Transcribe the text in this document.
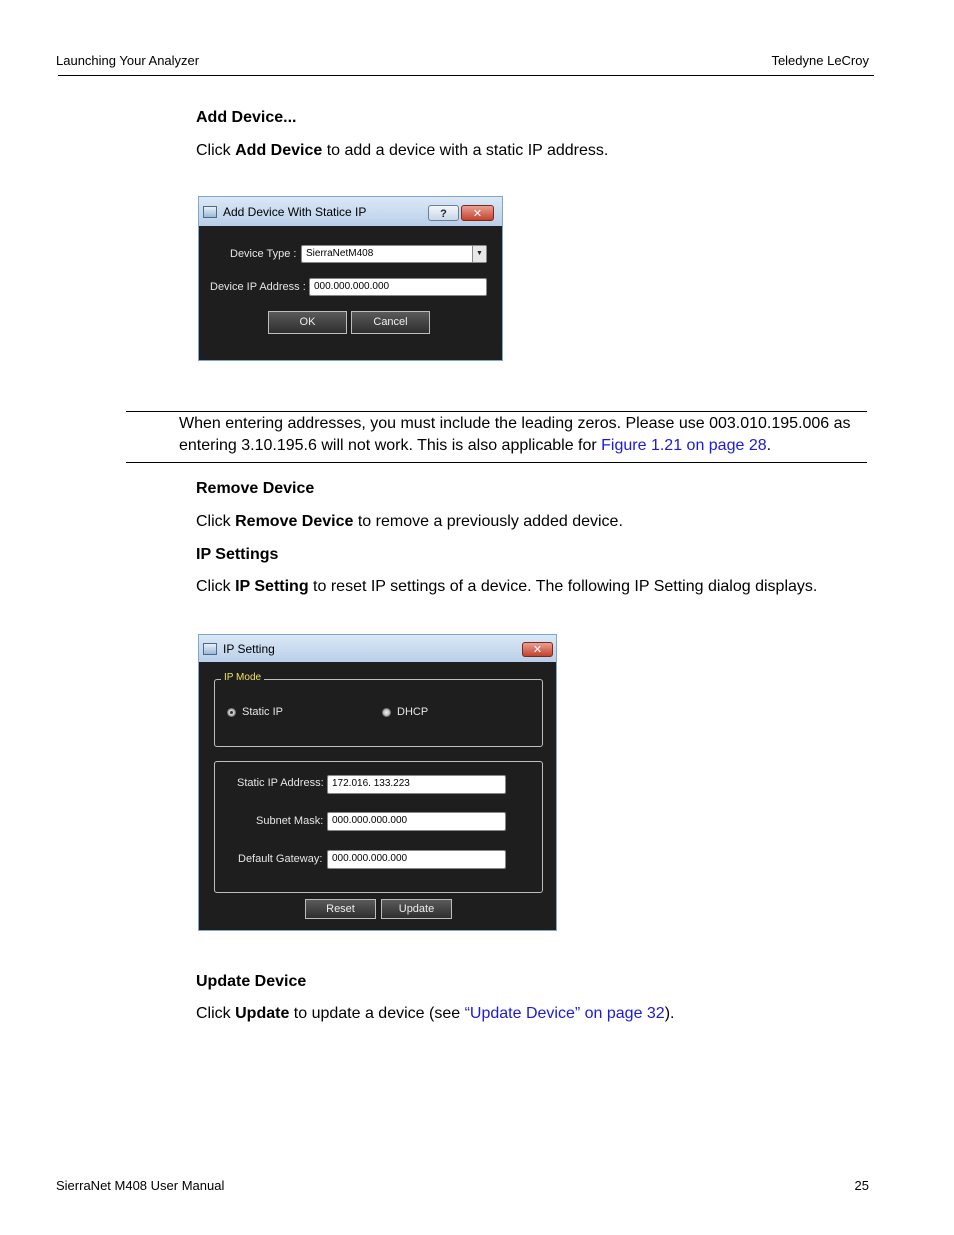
Launching Your Analyzer	Teledyne LeCroy
Add Device...
Click Add Device to add a device with a static IP address.
Add Device With Statice IP	?	✕
Device Type : SierraNetM408	▼
Device IP Address : 000.000.000.000
OK	Cancel
When entering addresses, you must include the leading zeros. Please use 003.010.195.006 as entering 3.10.195.6 will not work. This is also applicable for Figure 1.21 on page 28.
Remove Device
Click Remove Device to remove a previously added device.
IP Settings
Click IP Setting to reset IP settings of a device. The following IP Setting dialog displays.
IP Setting	✕
IP Mode
Static IP	DHCP
Static IP Address: 172.016. 133.223
Subnet Mask: 000.000.000.000
Default Gateway: 000.000.000.000
Reset	Update
Update Device
Click Update to update a device (see “Update Device” on page 32).
SierraNet M408 User Manual	25
